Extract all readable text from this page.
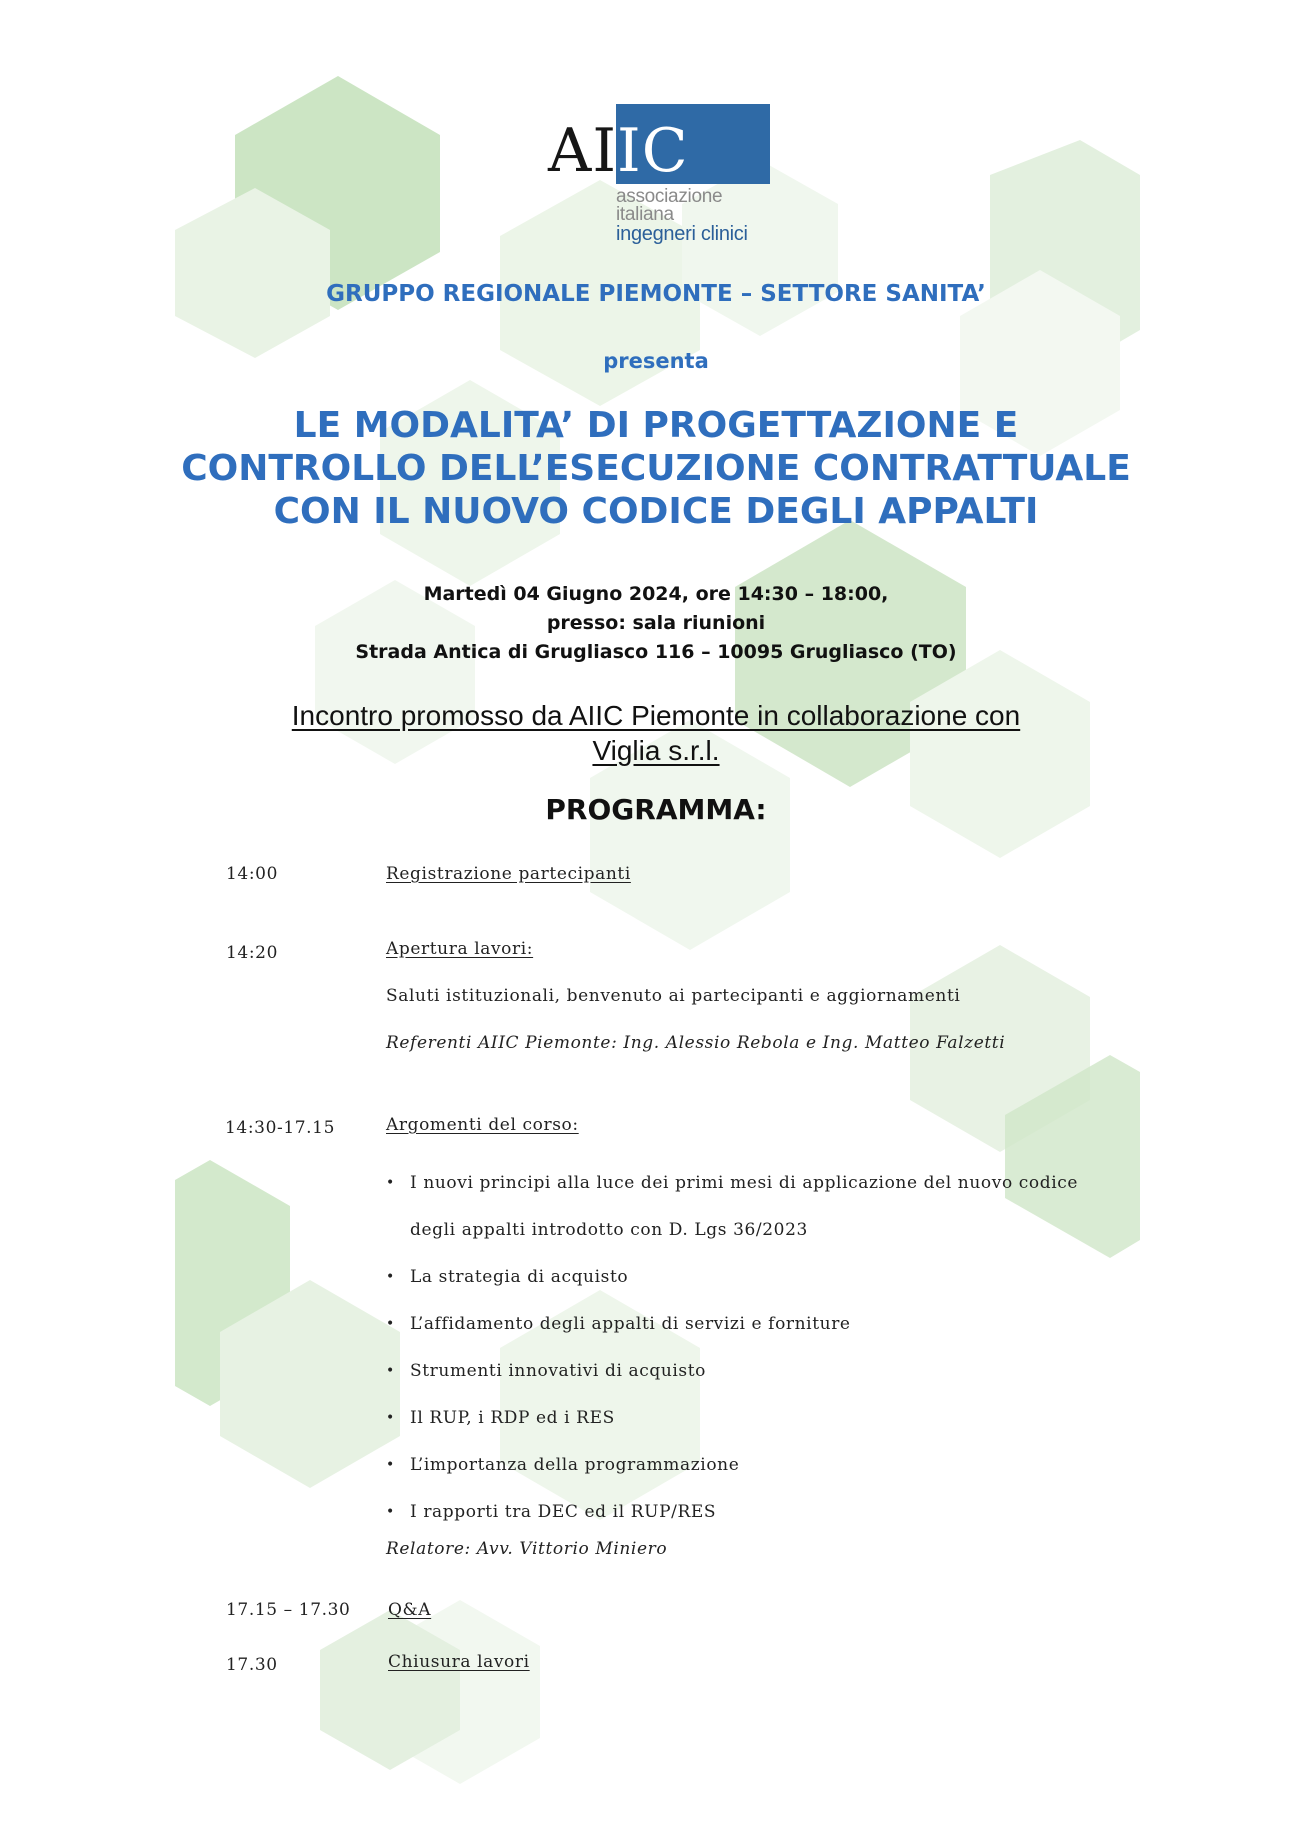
AIIC
associazione
italiana
ingegneri clinici
GRUPPO REGIONALE PIEMONTE – SETTORE SANITA’
presenta
LE MODALITA’ DI PROGETTAZIONE E
CONTROLLO DELL’ESECUZIONE CONTRATTUALE
CON IL NUOVO CODICE DEGLI APPALTI
Martedì 04 Giugno 2024, ore 14:30 – 18:00,
presso: sala riunioni
Strada Antica di Grugliasco 116 – 10095 Grugliasco (TO)
Incontro promosso da AIIC Piemonte in collaborazione con
Viglia s.r.l.
PROGRAMMA:
14:00	Registrazione partecipanti
14:20	Apertura lavori:
Saluti istituzionali, benvenuto ai partecipanti e aggiornamenti
Referenti AIIC Piemonte: Ing. Alessio Rebola e Ing. Matteo Falzetti
14:30-17.15	Argomenti del corso:
• I nuovi principi alla luce dei primi mesi di applicazione del nuovo codice degli appalti introdotto con D. Lgs 36/2023
• La strategia di acquisto
• L’affidamento degli appalti di servizi e forniture
• Strumenti innovativi di acquisto
• Il RUP, i RDP ed i RES
• L’importanza della programmazione
• I rapporti tra DEC ed il RUP/RES
Relatore: Avv. Vittorio Miniero
17.15 – 17.30 Q&A
17.30	Chiusura lavori
